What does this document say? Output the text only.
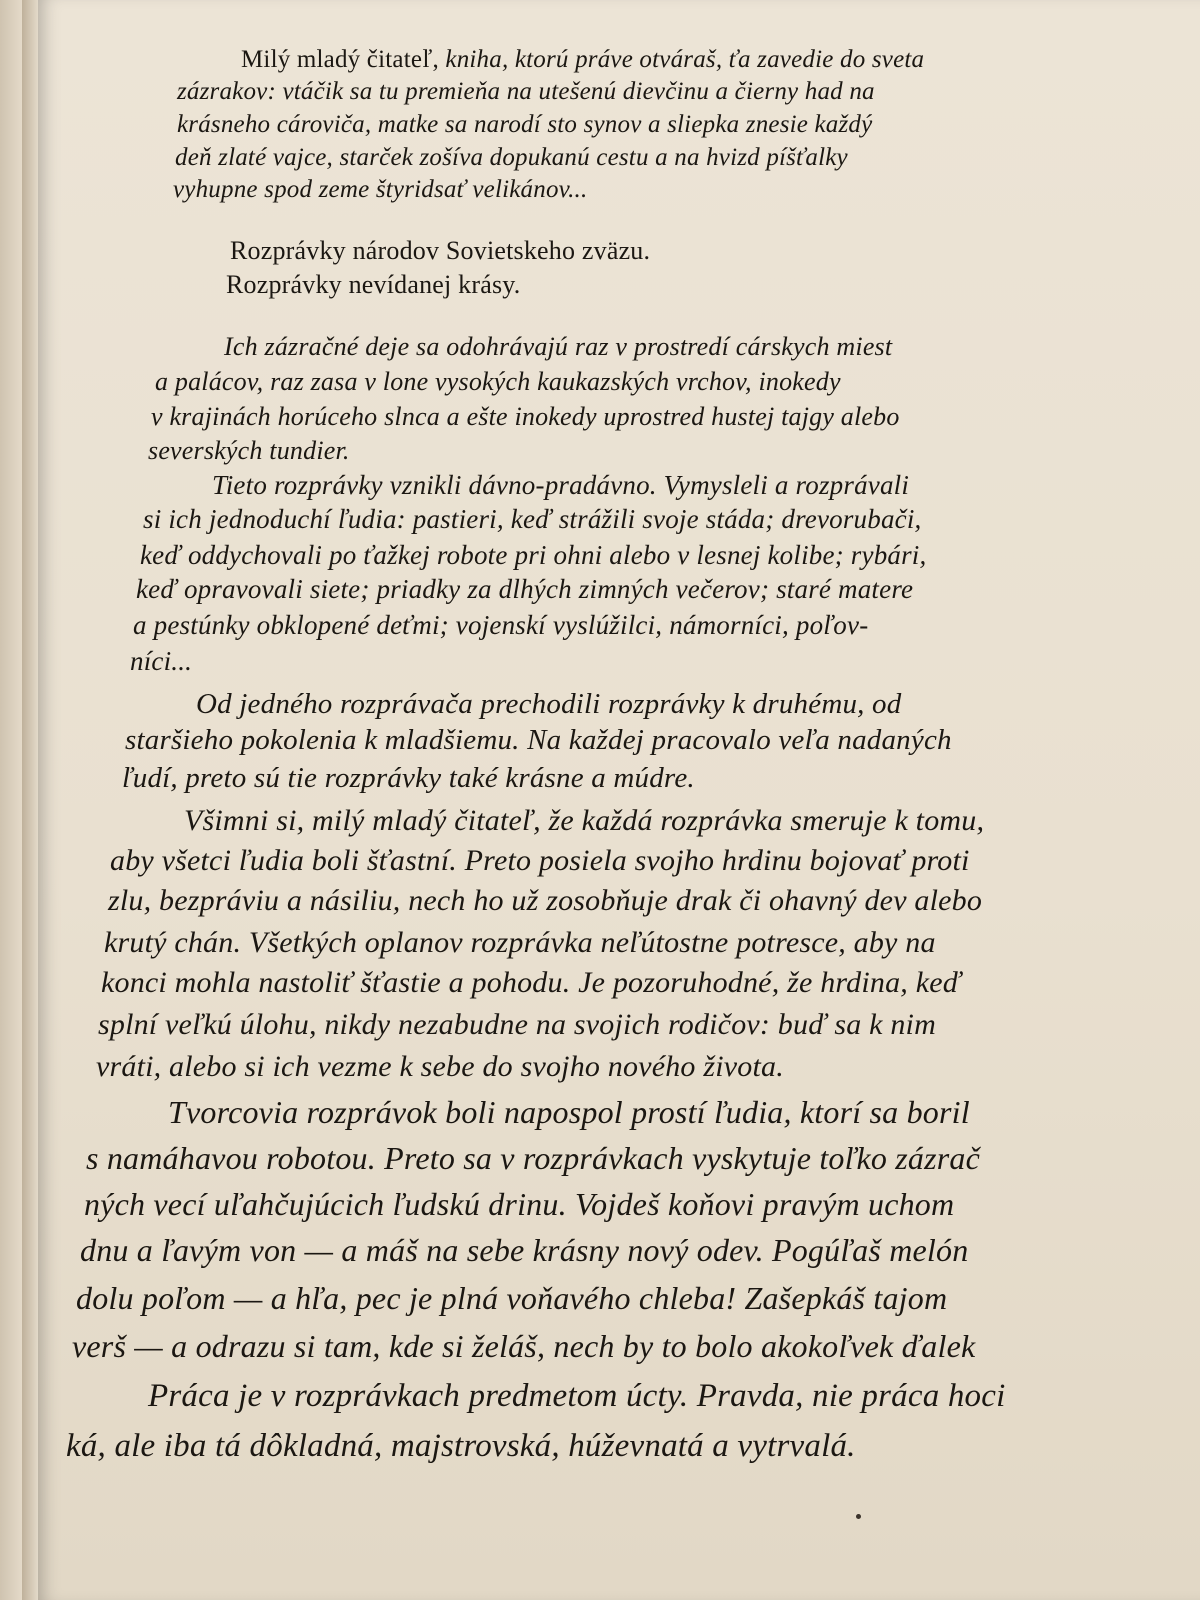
Milý mladý čitateľ, kniha, ktorú práve otváraš, ťa zavedie do sveta

zázrakov: vtáčik sa tu premieňa na utešenú dievčinu a čierny had na

krásneho cároviča, matke sa narodí sto synov a sliepka znesie každý

deň zlaté vajce, starček zošíva dopukanú cestu a na hvizd píšťalky

vyhupne spod zeme štyridsať velikánov...

Rozprávky národov Sovietskeho zväzu.

Rozprávky nevídanej krásy.

Ich zázračné deje sa odohrávajú raz v prostredí cárskych miest

a palácov, raz zasa v lone vysokých kaukazských vrchov, inokedy

v krajinách horúceho slnca a ešte inokedy uprostred hustej tajgy alebo

severských tundier.

Tieto rozprávky vznikli dávno-pradávno. Vymysleli a rozprávali

si ich jednoduchí ľudia: pastieri, keď strážili svoje stáda; drevorubači,

keď oddychovali po ťažkej robote pri ohni alebo v lesnej kolibe; rybári,

keď opravovali siete; priadky za dlhých zimných večerov; staré matere

a pestúnky obklopené deťmi; vojenskí vyslúžilci, námorníci, poľov-

níci...

Od jedného rozprávača prechodili rozprávky k druhému, od

staršieho pokolenia k mladšiemu. Na každej pracovalo veľa nadaných

ľudí, preto sú tie rozprávky také krásne a múdre.

Všimni si, milý mladý čitateľ, že každá rozprávka smeruje k tomu,

aby všetci ľudia boli šťastní. Preto posiela svojho hrdinu bojovať proti

zlu, bezpráviu a násiliu, nech ho už zosobňuje drak či ohavný dev alebo

krutý chán. Všetkých oplanov rozprávka neľútostne potresce, aby na

konci mohla nastoliť šťastie a pohodu. Je pozoruhodné, že hrdina, keď

splní veľkú úlohu, nikdy nezabudne na svojich rodičov: buď sa k nim

vráti, alebo si ich vezme k sebe do svojho nového života.

Tvorcovia rozprávok boli napospol prostí ľudia, ktorí sa boril

s namáhavou robotou. Preto sa v rozprávkach vyskytuje toľko zázrač

ných vecí uľahčujúcich ľudskú drinu. Vojdeš koňovi pravým uchom

dnu a ľavým von — a máš na sebe krásny nový odev. Pogúľaš melón

dolu poľom — a hľa, pec je plná voňavého chleba! Zašepkáš tajom

verš — a odrazu si tam, kde si želáš, nech by to bolo akokoľvek ďalek

Práca je v rozprávkach predmetom úcty. Pravda, nie práca hoci

ká, ale iba tá dôkladná, majstrovská, húževnatá a vytrvalá.
